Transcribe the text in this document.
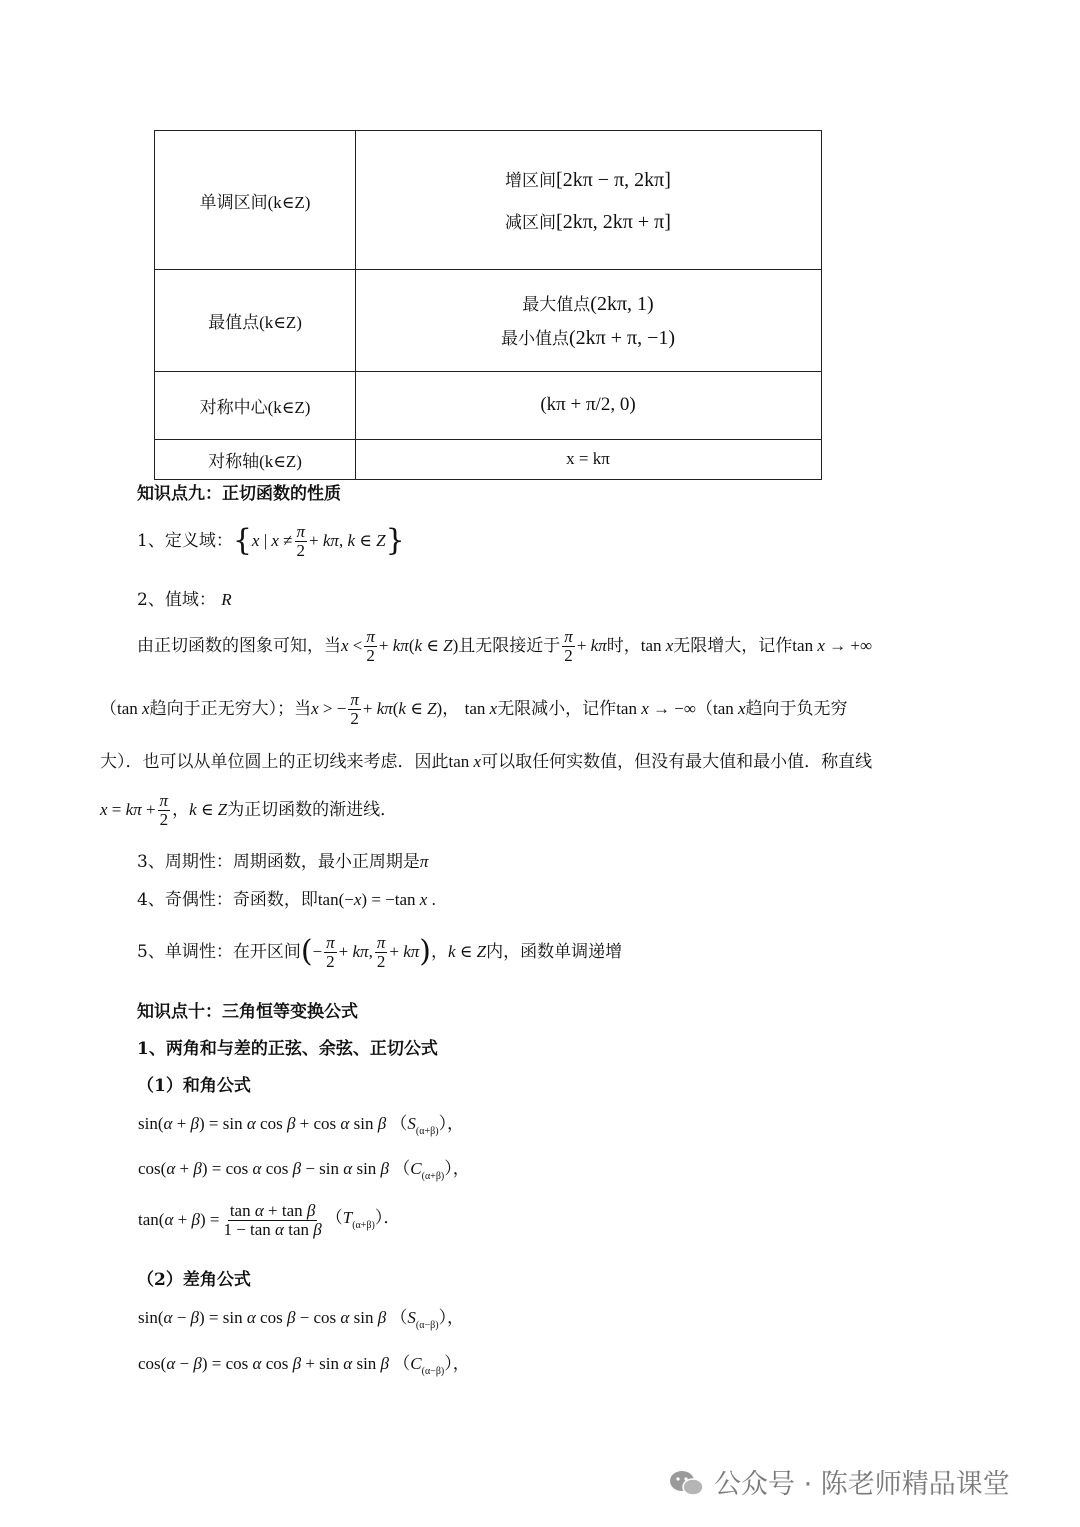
单调区间(k∈Z)
增区间[2kπ − π, 2kπ]
减区间[2kπ, 2kπ + π]
最值点(k∈Z)
最大值点(2kπ, 1)
最小值点(2kπ + π, −1)
对称中心(k∈Z)	(kπ + π/2, 0)
对称轴(k∈Z)	x = kπ
知识点九：正切函数的性质
1、定义域： { x | $x \ne \frac{\pi}{2} + k\pi$, k ∈ Z }
2、值域： R
由正切函数的图象可知，当 $x < \frac{\pi}{2} + k\pi(k$ ∈ Z) 且无限接近于 $\frac{\pi}{2} + k\pi$ 时， tan x 无限增大，记作 tan x → +∞
（ tan x 趋向于正无穷大）；当 x > − $\frac{\pi}{2} + k\pi(k$ ∈ Z) ，
tan x 无限减小，记作 tan x → −∞ （ tan x 趋向于负无穷
大）．也可以从单位圆上的正切线来考虑．因此tan x可以取任何实数值，但没有最大值和最小值．称直线
$x = k\pi + \frac{\pi}{2}$ ， k ∈ Z 为正切函数的渐进线．
3、周期性：周期函数，最小正周期是π
4、奇偶性：奇函数，即tan(−x) = −tan x .
5、单调性：在开区间 ( − $\frac{\pi}{2} + k\pi$, $\frac{\pi}{2} + k\pi$ ) ， k ∈ Z 内，函数单调递增
知识点十：三角恒等变换公式
1、两角和与差的正弦、余弦、正切公式
（1）和角公式
sin(α + β) = sin α cos β + cos α sin β $(S_{(\alpha+\beta)})$，
cos(α + β) = cos α cos β − sin α sin β $(C_{(\alpha+\beta)})$，
$\tan(\alpha + \beta) = \frac{\text{tan α + tan β}}{\text{1 − tan α tan β}} (T_{(\alpha+\beta)})$．
（2）差角公式
sin(α − β) = sin α cos β − cos α sin β $(S_{(\alpha-\beta)})$，
cos(α − β) = cos α cos β + sin α sin β $(C_{(\alpha-\beta)})$，
公众号 · 陈老师精品课堂
